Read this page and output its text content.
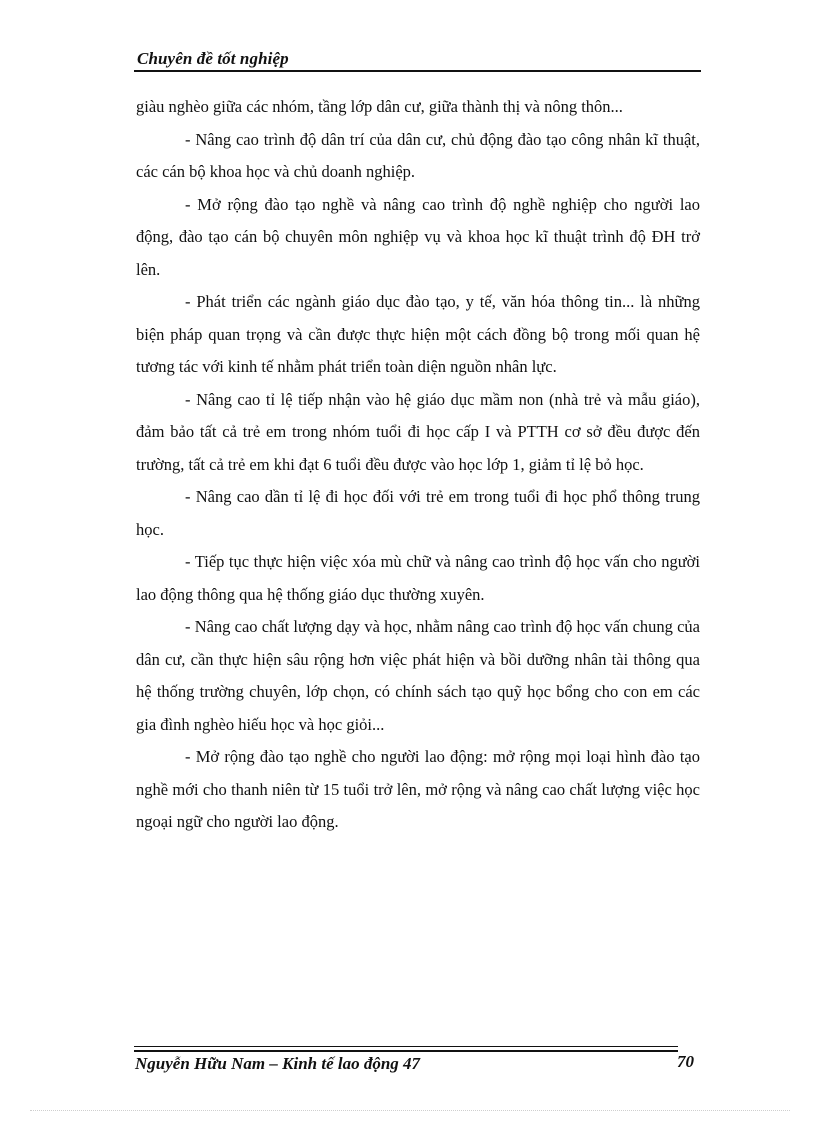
Chuyên đề tốt nghiệp

giàu nghèo giữa các nhóm, tầng lớp dân cư, giữa thành thị và nông thôn...

- Nâng cao trình độ dân trí của dân cư, chủ động đào tạo công nhân kĩ thuật, các cán bộ khoa học và chủ doanh nghiệp.

- Mở rộng đào tạo nghề và nâng cao trình độ nghề nghiệp cho người lao động, đào tạo cán bộ chuyên môn nghiệp vụ và khoa học kĩ thuật trình độ ĐH trở lên.

- Phát triển các ngành giáo dục đào tạo, y tế, văn hóa thông tin... là những biện pháp quan trọng và cần được thực hiện một cách đồng bộ trong mối quan hệ tương tác với kinh tế nhằm phát triển toàn diện nguồn nhân lực.

- Nâng cao tỉ lệ tiếp nhận vào hệ giáo dục mầm non (nhà trẻ và mẫu giáo), đảm bảo tất cả trẻ em trong nhóm tuổi đi học cấp I và PTTH cơ sở đều được đến trường, tất cả trẻ em khi đạt 6 tuổi đều được vào học lớp 1, giảm tỉ lệ bỏ học.

- Nâng cao dần tỉ lệ đi học đối với trẻ em trong tuổi đi học phổ thông trung học.

- Tiếp tục thực hiện việc xóa mù chữ và nâng cao trình độ học vấn cho người lao động thông qua hệ thống giáo dục thường xuyên.

- Nâng cao chất lượng dạy và học, nhằm nâng cao trình độ học vấn chung của dân cư, cần thực hiện sâu rộng hơn việc phát hiện và bồi dưỡng nhân tài thông qua hệ thống trường chuyên, lớp chọn, có chính sách tạo quỹ học bổng cho con em các gia đình nghèo hiếu học và học giỏi...

- Mở rộng đào tạo nghề cho người lao động: mở rộng mọi loại hình đào tạo nghề mới cho thanh niên từ 15 tuổi trở lên, mở rộng và nâng cao chất lượng việc học ngoại ngữ cho người lao động.

Nguyễn Hữu Nam – Kinh tế lao động 47	70
